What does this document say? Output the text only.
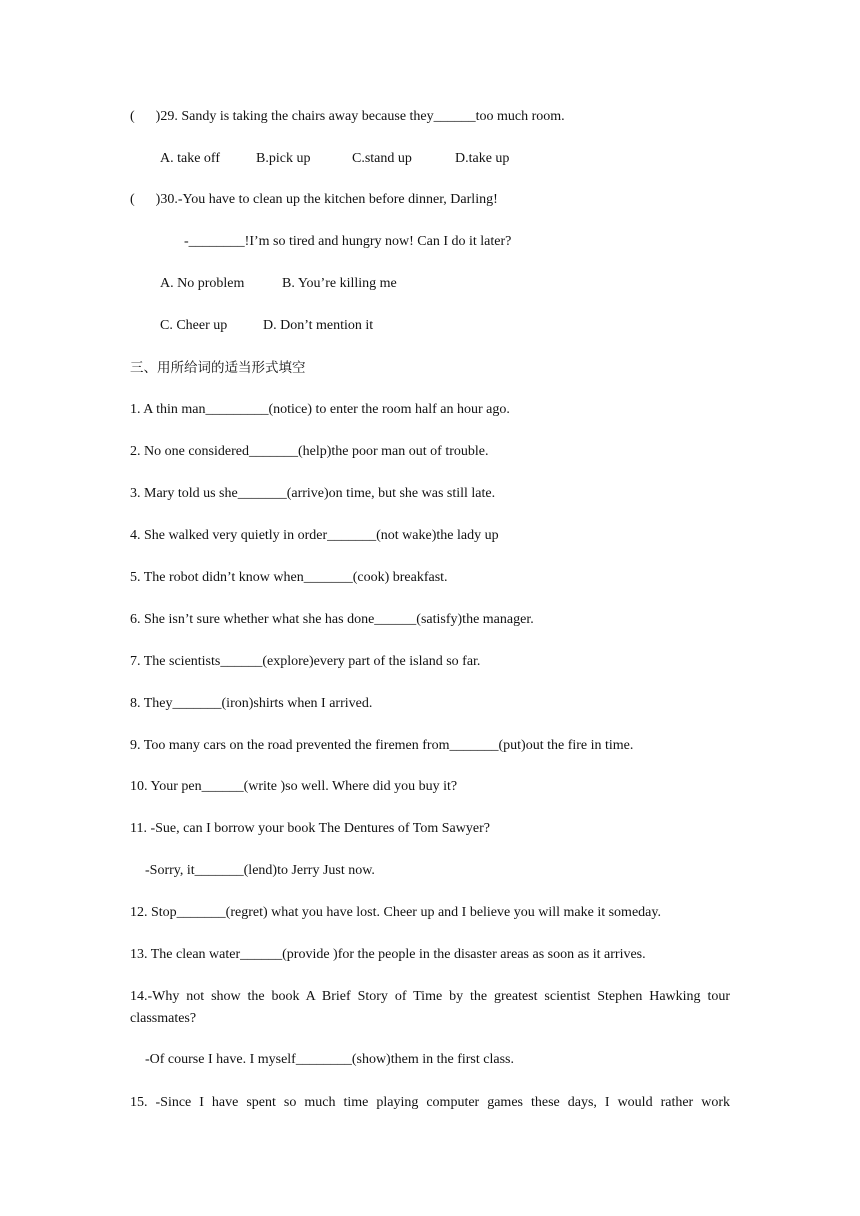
(      )29. Sandy is taking the chairs away because they______too much room.
A. take off	B.pick up	C.stand up	D.take up
(      )30.-You have to clean up the kitchen before dinner, Darling!
-________!I’m so tired and hungry now! Can I do it later?
A. No problem	B. You’re killing me
C. Cheer up	D. Don’t mention it
三、用所给词的适当形式填空
1. A thin man_________(notice) to enter the room half an hour ago.
2. No one considered_______(help)the poor man out of trouble.
3. Mary told us she_______(arrive)on time, but she was still late.
4. She walked very quietly in order_______(not wake)the lady up
5. The robot didn’t know when_______(cook) breakfast.
6. She isn’t sure whether what she has done______(satisfy)the manager.
7. The scientists______(explore)every part of the island so far.
8. They_______(iron)shirts when I arrived.
9. Too many cars on the road prevented the firemen from_______(put)out the fire in time.
10. Your pen______(write )so well. Where did you buy it?
11. -Sue, can I borrow your book The Dentures of Tom Sawyer?
-Sorry, it_______(lend)to Jerry Just now.
12. Stop_______(regret) what you have lost. Cheer up and I believe you will make it someday.
13. The clean water______(provide )for the people in the disaster areas as soon as it arrives.
14.-Why not show the book A Brief Story of Time by the greatest scientist Stephen Hawking tour
classmates?
-Of course I have. I myself________(show)them in the first class.
15. -Since I have spent so much time playing computer games these days, I would rather work
